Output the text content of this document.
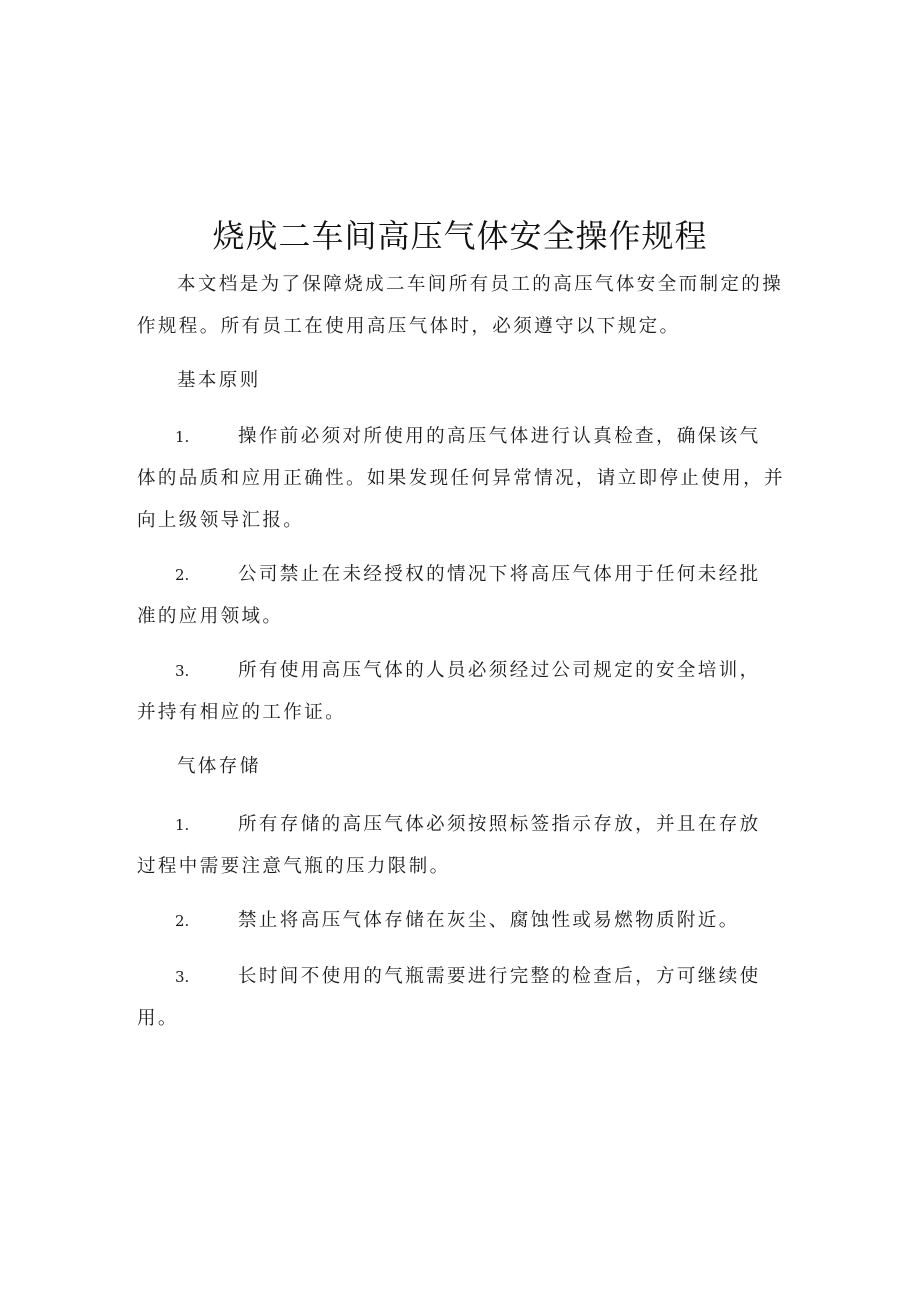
烧成二车间高压气体安全操作规程

本文档是为了保障烧成二车间所有员工的高压气体安全而制定的操作规程。所有员工在使用高压气体时，必须遵守以下规定。

基本原则

1.	操作前必须对所使用的高压气体进行认真检查，确保该气
体的品质和应用正确性。如果发现任何异常情况，请立即停止使用，并向上级领导汇报。

2.	公司禁止在未经授权的情况下将高压气体用于任何未经批
准的应用领域。

3.	所有使用高压气体的人员必须经过公司规定的安全培训，
并持有相应的工作证。

气体存储

1.	所有存储的高压气体必须按照标签指示存放，并且在存放
过程中需要注意气瓶的压力限制。

2.	禁止将高压气体存储在灰尘、腐蚀性或易燃物质附近。

3.	长时间不使用的气瓶需要进行完整的检查后，方可继续使
用。
